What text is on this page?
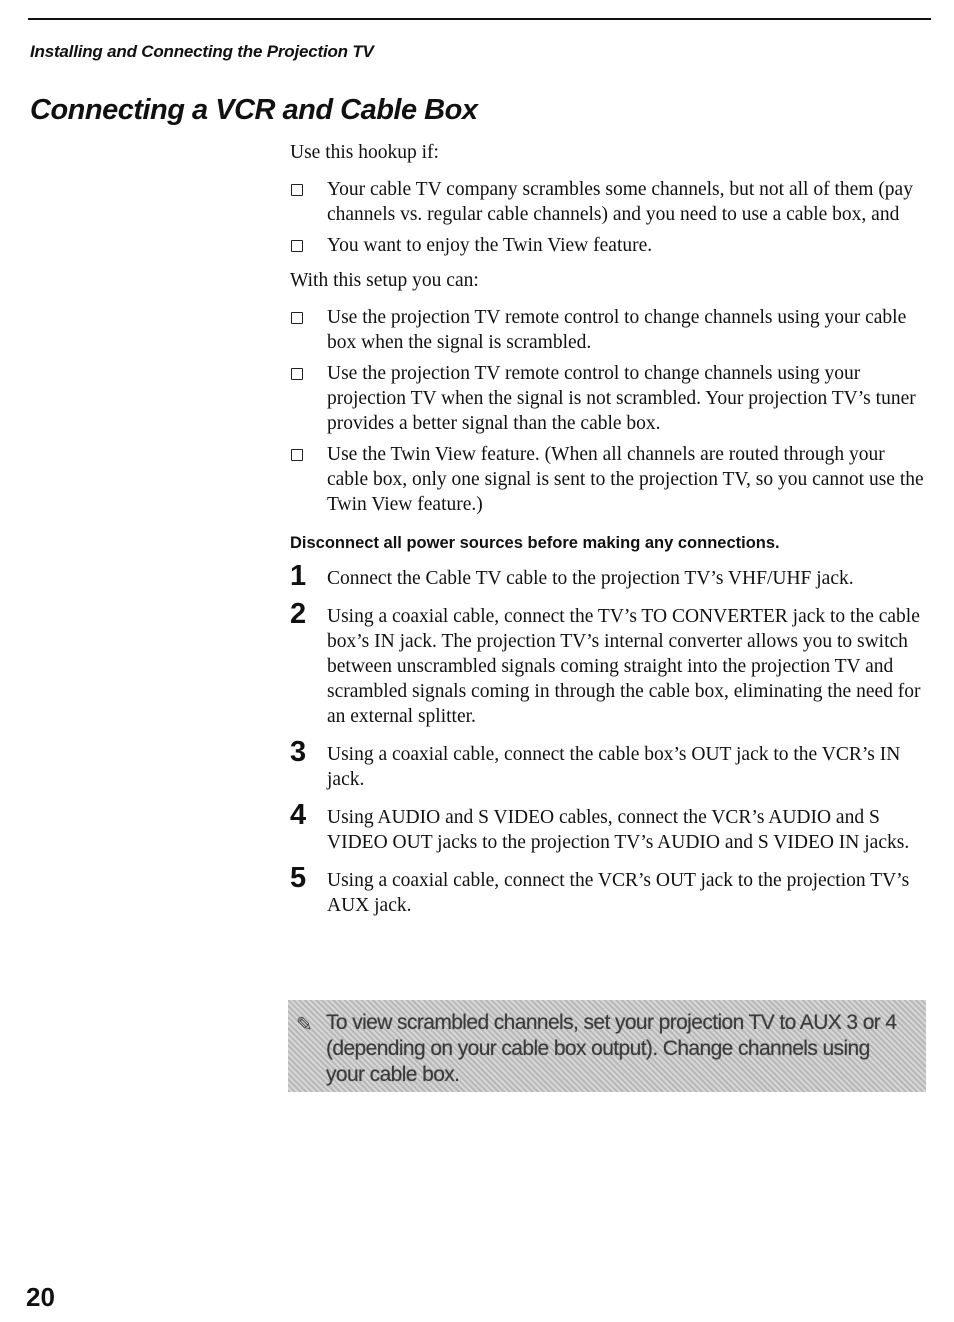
Installing and Connecting the Projection TV
Connecting a VCR and Cable Box

Use this hookup if:

Your cable TV company scrambles some channels, but not all of them (pay channels vs. regular cable channels) and you need to use a cable box, and
You want to enjoy the Twin View feature.

With this setup you can:

Use the projection TV remote control to change channels using your cable box when the signal is scrambled.
Use the projection TV remote control to change channels using your projection TV when the signal is not scrambled. Your projection TV’s tuner provides a better signal than the cable box.
Use the Twin View feature. (When all channels are routed through your cable box, only one signal is sent to the projection TV, so you cannot use the Twin View feature.)

Disconnect all power sources before making any connections.

1 Connect the Cable TV cable to the projection TV’s VHF/UHF jack.
2 Using a coaxial cable, connect the TV’s TO CONVERTER jack to the cable box’s IN jack. The projection TV’s internal converter allows you to switch between unscrambled signals coming straight into the projection TV and scrambled signals coming in through the cable box, eliminating the need for an external splitter.
3 Using a coaxial cable, connect the cable box’s OUT jack to the VCR’s IN jack.
4 Using AUDIO and S VIDEO cables, connect the VCR’s AUDIO and S VIDEO OUT jacks to the projection TV’s AUDIO and S VIDEO IN jacks.
5 Using a coaxial cable, connect the VCR’s OUT jack to the projection TV’s AUX jack.
✎ To view scrambled channels, set your projection TV to AUX 3 or 4 (depending on your cable box output). Change channels using your cable box.

20
